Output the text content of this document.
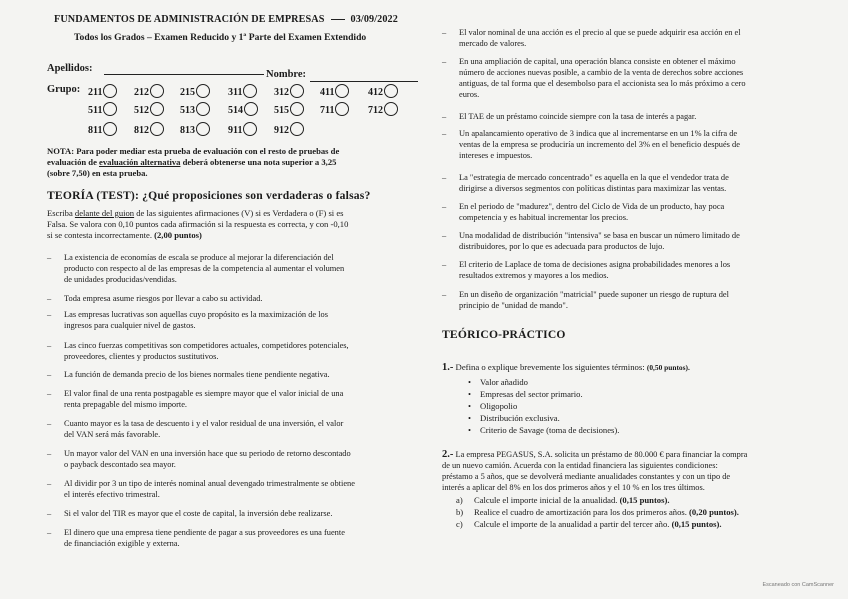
FUNDAMENTOS DE ADMINISTRACIÓN DE EMPRESAS	03/09/2022
Todos los Grados – Examen Reducido y 1ª Parte del Examen Extendido
Apellidos:
Nombre:
Grupo: 211	212	215	311	312	411	412
511	512	513	514	515	711	712
811	812	813	911	912
NOTA: Para poder mediar esta prueba de evaluación con el resto de pruebas de
evaluación de evaluación alternativa deberá obtenerse una nota superior a 3,25
(sobre 7,50) en esta prueba.
TEORÍA (TEST): ¿Qué proposiciones son verdaderas o falsas?
Escriba delante del guion de las siguientes afirmaciones (V) si es Verdadera o (F) si es
Falsa. Se valora con 0,10 puntos cada afirmación si la respuesta es correcta, y con -0,10
si se contesta incorrectamente. (2,00 puntos)
– La existencia de economías de escala se produce al mejorar la diferenciación del
producto con respecto al de las empresas de la competencia al aumentar el volumen
de unidades producidas/vendidas.
– Toda empresa asume riesgos por llevar a cabo su actividad.
– Las empresas lucrativas son aquellas cuyo propósito es la maximización de los
ingresos para cualquier nivel de gastos.
– Las cinco fuerzas competitivas son competidores actuales, competidores potenciales,
proveedores, clientes y productos sustitutivos.
– La función de demanda precio de los bienes normales tiene pendiente negativa.
– El valor final de una renta postpagable es siempre mayor que el valor inicial de una
renta prepagable del mismo importe.
– Cuanto mayor es la tasa de descuento i y el valor residual de una inversión, el valor
del VAN será más favorable.
– Un mayor valor del VAN en una inversión hace que su periodo de retorno descontado
o payback descontado sea mayor.
– Al dividir por 3 un tipo de interés nominal anual devengado trimestralmente se obtiene
el interés efectivo trimestral.
– Si el valor del TIR es mayor que el coste de capital, la inversión debe realizarse.
– El dinero que una empresa tiene pendiente de pagar a sus proveedores es una fuente
de financiación exigible y externa.
– El valor nominal de una acción es el precio al que se puede adquirir esa acción en el
mercado de valores.
– En una ampliación de capital, una operación blanca consiste en obtener el máximo
número de acciones nuevas posible, a cambio de la venta de derechos sobre acciones
antiguas, de tal forma que el desembolso para el accionista sea lo más próximo a cero
euros.
– El TAE de un préstamo coincide siempre con la tasa de interés a pagar.
– Un apalancamiento operativo de 3 indica que al incrementarse en un 1% la cifra de
ventas de la empresa se produciría un incremento del 3% en el beneficio después de
intereses e impuestos.
– La "estrategia de mercado concentrado" es aquella en la que el vendedor trata de
dirigirse a diversos segmentos con políticas distintas para maximizar las ventas.
– En el periodo de "madurez", dentro del Ciclo de Vida de un producto, hay poca
competencia y es habitual incrementar los precios.
– Una modalidad de distribución "intensiva" se basa en buscar un número limitado de
distribuidores, por lo que es adecuada para productos de lujo.
– El criterio de Laplace de toma de decisiones asigna probabilidades menores a los
resultados extremos y mayores a los medios.
– En un diseño de organización "matricial" puede suponer un riesgo de ruptura del
principio de "unidad de mando".
TEÓRICO-PRÁCTICO
1.- Defina o explique brevemente los siguientes términos: (0,50 puntos).
• Valor añadido
• Empresas del sector primario.
• Oligopolio
• Distribución exclusiva.
• Criterio de Savage (toma de decisiones).
2.- La empresa PEGASUS, S.A. solicita un préstamo de 80.000 € para financiar la compra
de un nuevo camión. Acuerda con la entidad financiera las siguientes condiciones:
préstamo a 5 años, que se devolverá mediante anualidades constantes y con un tipo de
interés a aplicar del 8% en los dos primeros años y el 10 % en los tres últimos.
a) Calcule el importe inicial de la anualidad. (0,15 puntos).
b) Realice el cuadro de amortización para los dos primeros años. (0,20 puntos).
c) Calcule el importe de la anualidad a partir del tercer año. (0,15 puntos).
Escaneado con CamScanner
